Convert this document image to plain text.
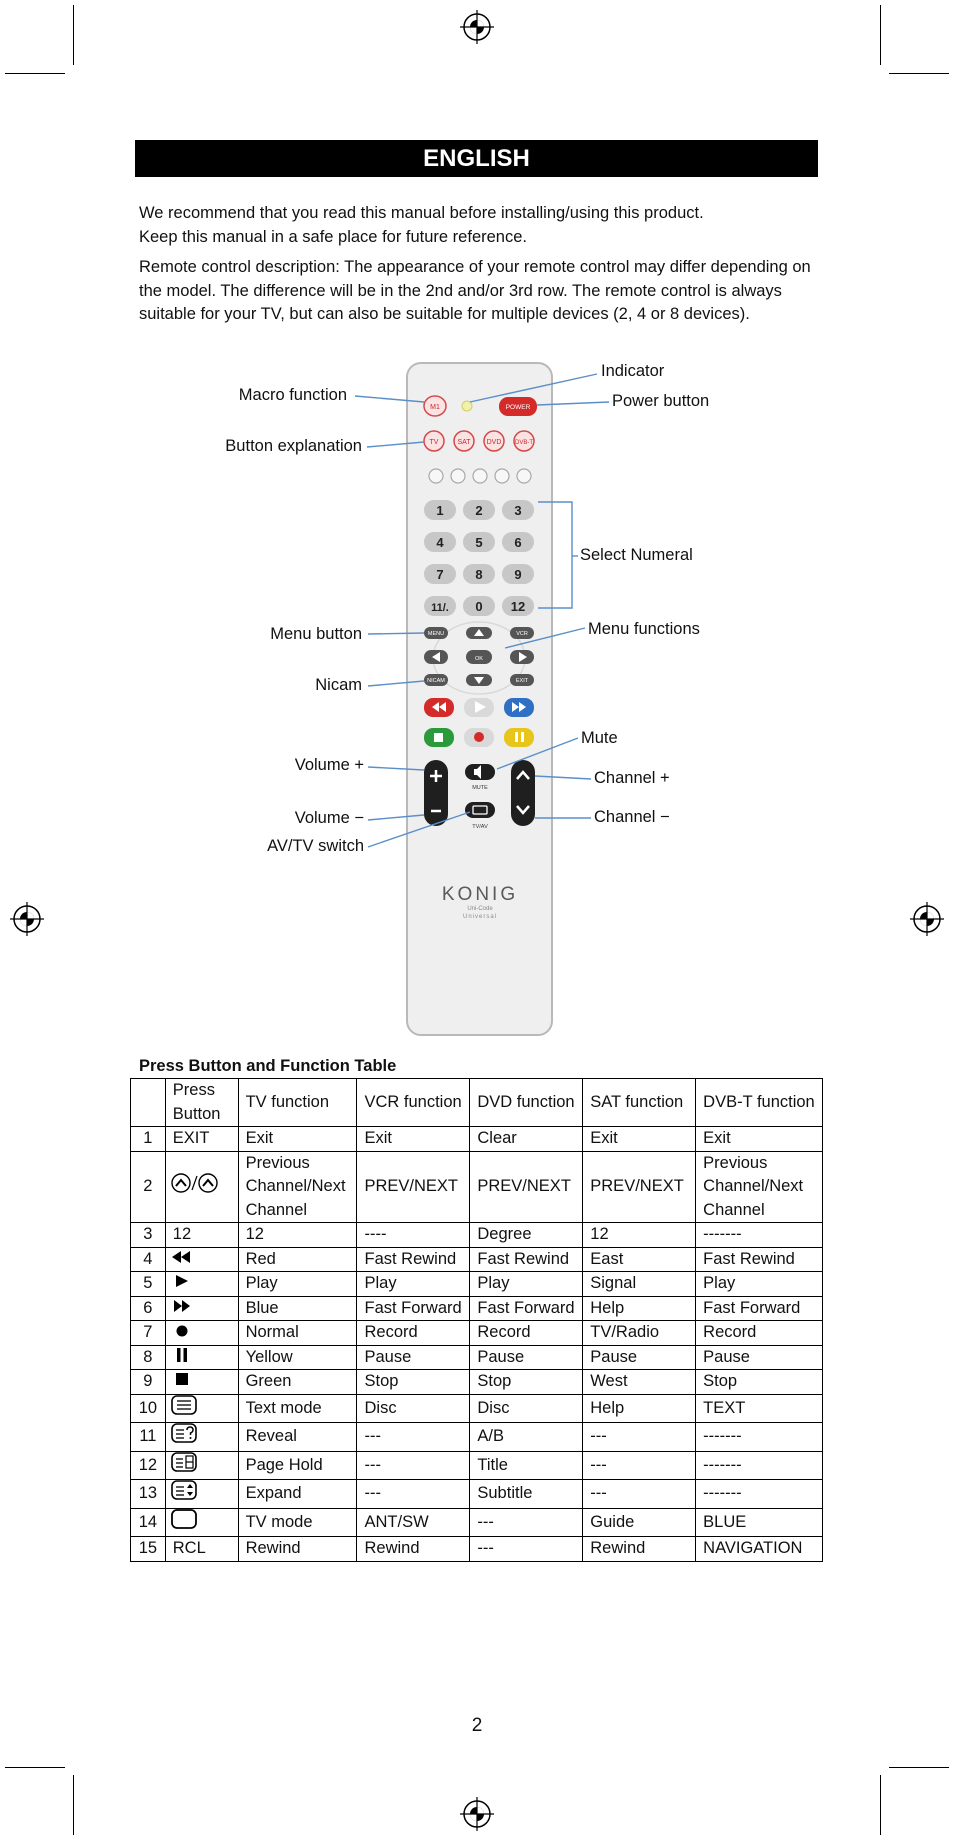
ENGLISH

We recommend that you read this manual before installing/using this product.

Keep this manual in a safe place for future reference.

Remote control description: The appearance of your remote control may differ depending on the model. The difference will be in the 2nd and/or 3rd row. The remote control is always suitable for your TV, but can also be suitable for multiple devices (2, 4 or 8 devices).
M1	POWER
TV	SAT DVD DVB-T
1 2 3
4 5 6
7 8 9
11/. 0 12
MENU	VCR
OK
NICAM	EXIT
MUTE
TV/AV
KONIG
Uni-Code
Universal
Indicator
Macro function	Power button
Button explanation
Select Numeral
Menu button	Menu functions
Nicam
Mute
Volume +
Channel +
Volume −	Channel −
AV/TV switch
Press Button and Function Table
	Press Button	TV function	VCR function	DVD function	SAT function	DVB-T function
1	EXIT	Exit	Exit	Clear	Exit	Exit
2		Previous Channel/Next Channel	PREV/NEXT	PREV/NEXT	PREV/NEXT	Previous Channel/Next Channel
3	12	12	----	Degree	12	-------
4		Red	Fast Rewind	Fast Rewind	East	Fast Rewind
5		Play	Play	Play	Signal	Play
6		Blue	Fast Forward	Fast Forward	Help	Fast Forward
7		Normal	Record	Record	TV/Radio	Record
8		Yellow	Pause	Pause	Pause	Pause
9		Green	Stop	Stop	West	Stop
10		Text mode	Disc	Disc	Help	TEXT
11		Reveal	---	A/B	---	-------
12		Page Hold	---	Title	---	-------
13		Expand	---	Subtitle	---	-------
14		TV mode	ANT/SW	---	Guide	BLUE
15	RCL	Rewind	Rewind	---	Rewind	NAVIGATION
2
